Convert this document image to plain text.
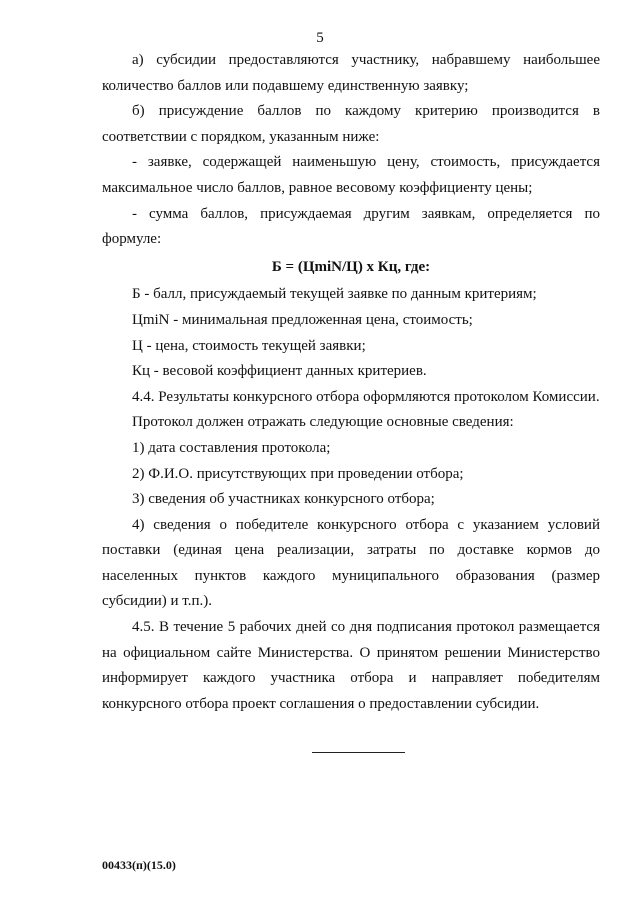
5

а) субсидии предоставляются участнику, набравшему наибольшее количество баллов или подавшему единственную заявку;

б) присуждение баллов по каждому критерию производится в соответствии с порядком, указанным ниже:

- заявке, содержащей наименьшую цену, стоимость, присуждается максимальное число баллов, равное весовому коэффициенту цены;

- сумма баллов, присуждаемая другим заявкам, определяется по формуле:

Б = (ЦmiN/Ц) х Кц, где:

Б - балл, присуждаемый текущей заявке по данным критериям;

ЦmiN - минимальная предложенная цена, стоимость;

Ц - цена, стоимость текущей заявки;

Кц - весовой коэффициент данных критериев.

4.4. Результаты конкурсного отбора оформляются протоколом Комиссии.

Протокол должен отражать следующие основные сведения:

1) дата составления протокола;

2) Ф.И.О. присутствующих при проведении отбора;

3) сведения об участниках конкурсного отбора;

4) сведения о победителе конкурсного отбора с указанием условий поставки (единая цена реализации, затраты по доставке кормов до населенных пунктов каждого муниципального образования (размер субсидии) и т.п.).

4.5. В течение 5 рабочих дней со дня подписания протокол размещается на официальном сайте Министерства. О принятом решении Министерство информирует каждого участника отбора и направляет победителям конкурсного отбора проект соглашения о предоставлении субсидии.

00433(п)(15.0)
